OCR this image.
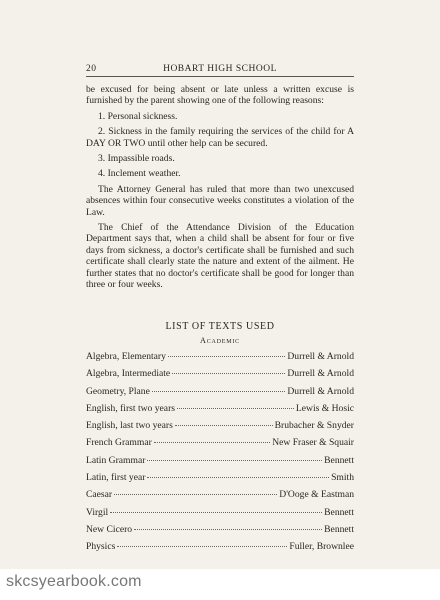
20	HOBART HIGH SCHOOL

be excused for being absent or late unless a written excuse is furnished by the parent showing one of the following reasons:

1. Personal sickness.

2. Sickness in the family requiring the services of the child for A DAY OR TWO until other help can be secured.

3. Impassible roads.

4. Inclement weather.

The Attorney General has ruled that more than two unexcused absences within four consecutive weeks constitutes a violation of the Law.

The Chief of the Attendance Division of the Education Department says that, when a child shall be absent for four or five days from sickness, a doctor's certificate shall be furnished and such certificate shall clearly state the nature and extent of the ailment. He further states that no doctor's certificate shall be good for longer than three or four weeks.

LIST OF TEXTS USED
Academic
Algebra, Elementary	Durrell & Arnold
Algebra, Intermediate	Durrell & Arnold
Geometry, Plane	Durrell & Arnold
English, first two years	Lewis & Hosic
English, last two years	Brubacher & Snyder
French Grammar	New Fraser & Squair
Latin Grammar	Bennett
Latin, first year	Smith
Caesar	D'Ooge & Eastman
Virgil	Bennett
New Cicero	Bennett
Physics	Fuller, Brownlee
skcsyearbook.com
